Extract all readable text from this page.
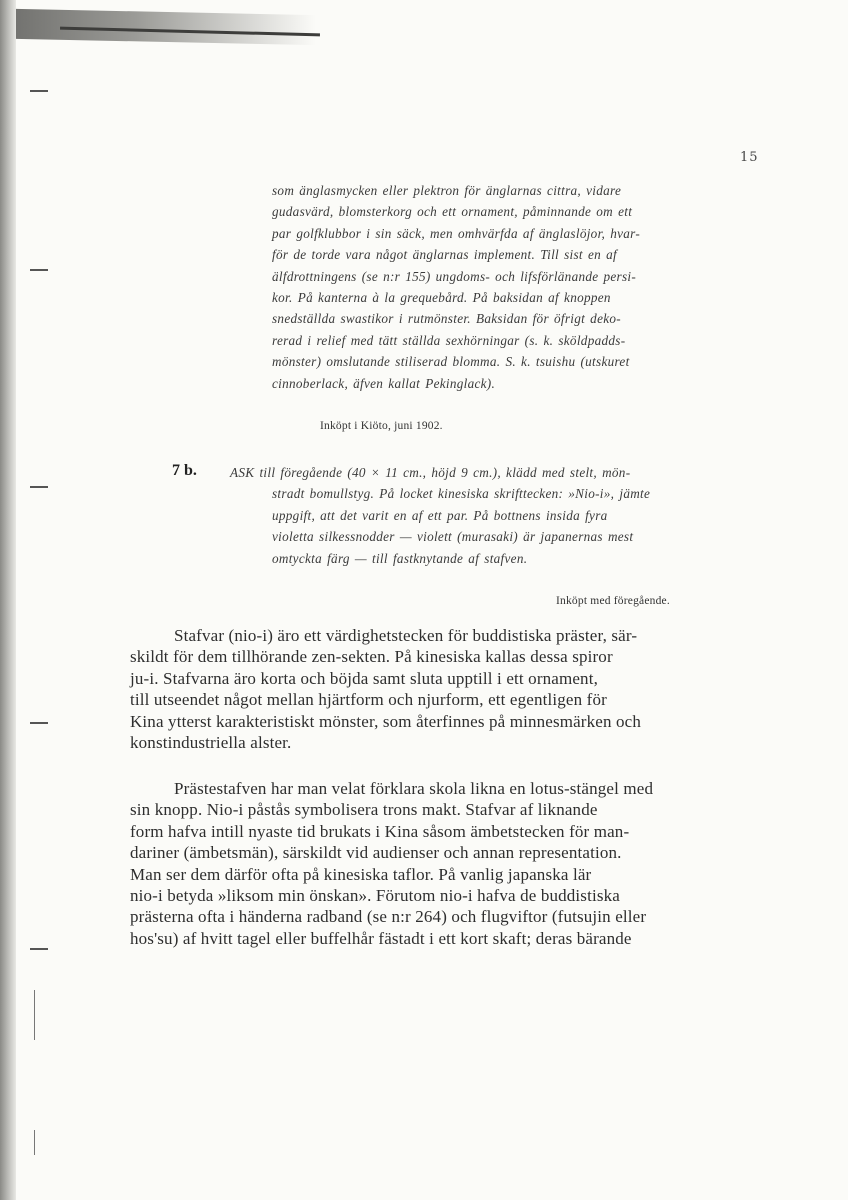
15
som änglasmycken eller plektron för änglarnas cittra, vidare
gudasvärd, blomsterkorg och ett ornament, påminnande om ett
par golfklubbor i sin säck, men omhvärfda af änglaslöjor, hvar-
för de torde vara något änglarnas implement. Till sist en af
älfdrottningens (se n:r 155) ungdoms- och lifsförlänande persi-
kor. På kanterna à la grequebård. På baksidan af knoppen
snedställda swastikor i rutmönster. Baksidan för öfrigt deko-
rerad i relief med tätt ställda sexhörningar (s. k. sköldpadds-
mönster) omslutande stiliserad blomma. S. k. tsuishu (utskuret
cinnoberlack, äfven kallat Pekinglack).
Inköpt i Kiöto, juni 1902.
7 b.	ASK till föregående (40 × 11 cm., höjd 9 cm.), klädd med stelt, mön-
stradt bomullstyg. På locket kinesiska skrifttecken: »Nio-i», jämte
uppgift, att det varit en af ett par. På bottnens insida fyra
violetta silkessnodder — violett (murasaki) är japanernas mest
omtyckta färg — till fastknytande af stafven.
Inköpt med föregående.
Stafvar (nio-i) äro ett värdighetstecken för buddistiska präster, sär-
skildt för dem tillhörande zen-sekten. På kinesiska kallas dessa spiror
ju-i. Stafvarna äro korta och böjda samt sluta upptill i ett ornament,
till utseendet något mellan hjärtform och njurform, ett egentligen för
Kina ytterst karakteristiskt mönster, som återfinnes på minnesmärken och
konstindustriella alster.
Prästestafven har man velat förklara skola likna en lotus-stängel med
sin knopp. Nio-i påstås symbolisera trons makt. Stafvar af liknande
form hafva intill nyaste tid brukats i Kina såsom ämbetstecken för man-
dariner (ämbetsmän), särskildt vid audienser och annan representation.
Man ser dem därför ofta på kinesiska taflor. På vanlig japanska lär
nio-i betyda »liksom min önskan». Förutom nio-i hafva de buddistiska
prästerna ofta i händerna radband (se n:r 264) och flugviftor (futsujin eller
hos'su) af hvitt tagel eller buffelhår fästadt i ett kort skaft; deras bärande
